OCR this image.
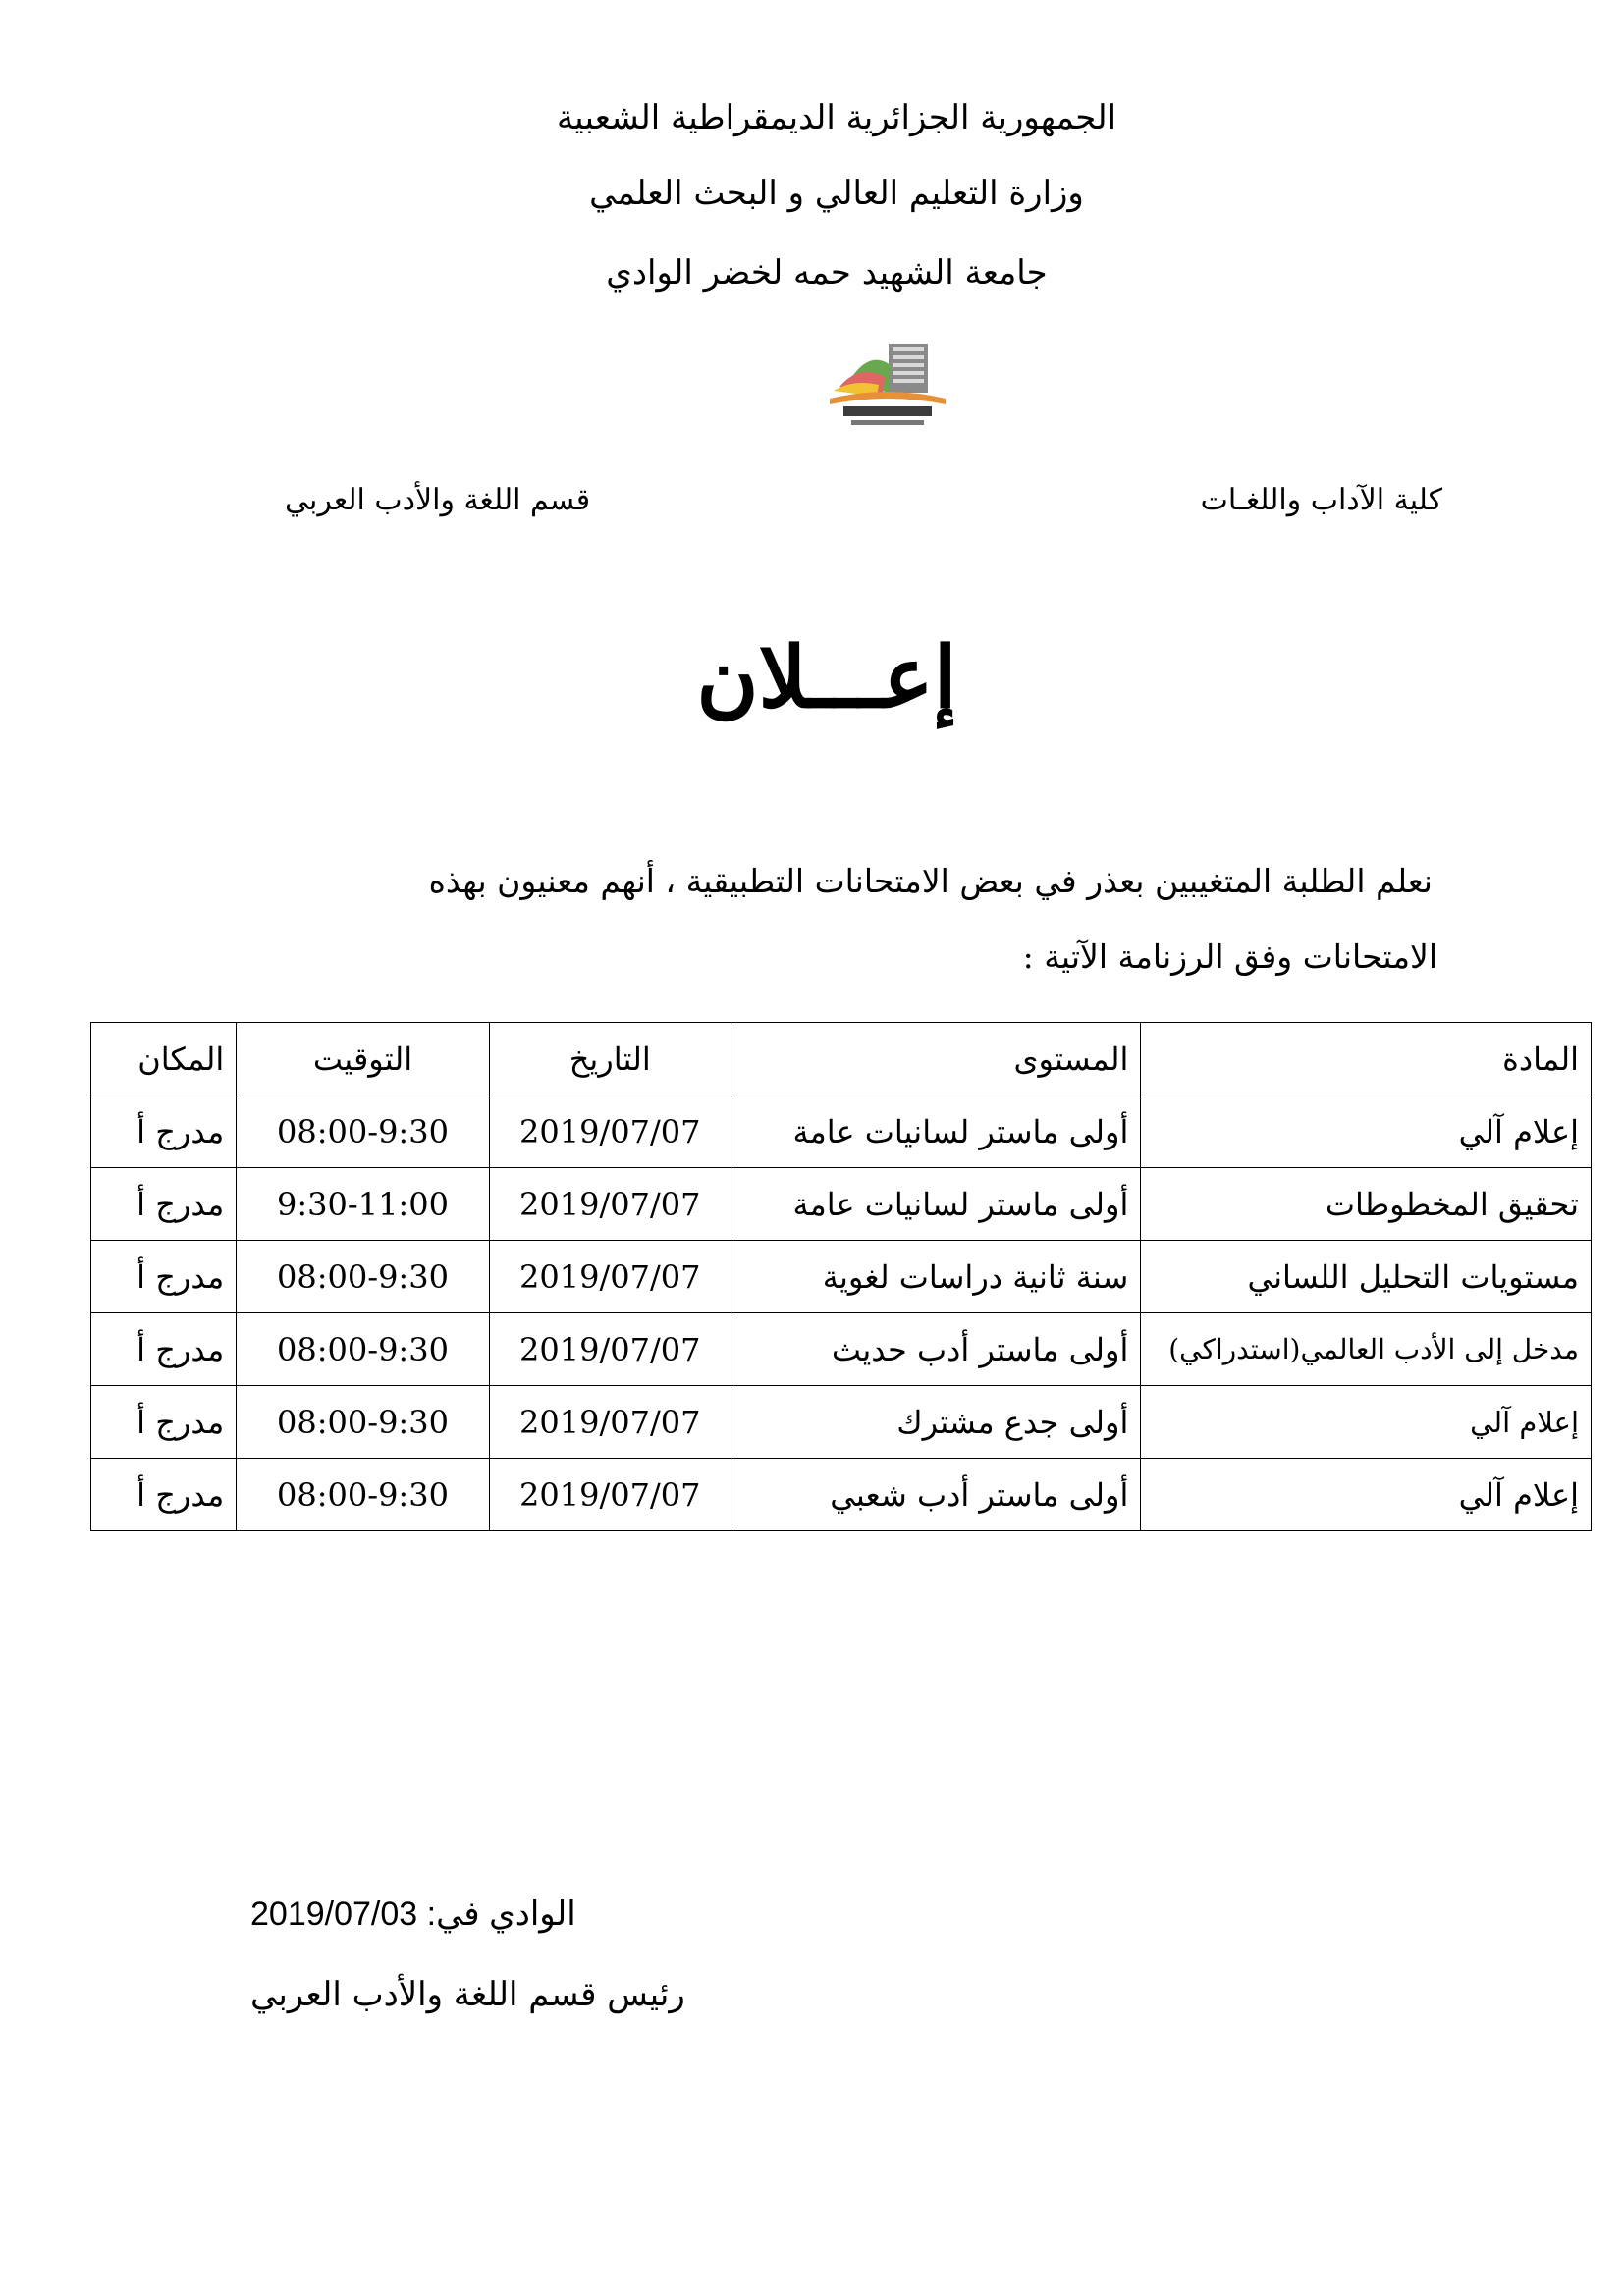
الجمهورية الجزائرية الديمقراطية الشعبية
وزارة التعليم العالي و البحث العلمي
جامعة الشهيد حمه لخضر الوادي
كلية الآداب واللغـات
قسم اللغة والأدب العربي
إعـــلان
نعلم الطلبة المتغيبين بعذر في بعض الامتحانات التطبيقية ، أنهم معنيون بهذه
الامتحانات وفق الرزنامة الآتية :
المادة	المستوى	التاريخ	التوقيت	المكان
إعلام آلي	أولى ماستر لسانيات عامة	2019/07/07	08:00-9:30	مدرج أ
تحقيق المخطوطات	أولى ماستر لسانيات عامة	2019/07/07	9:30-11:00	مدرج أ
مستويات التحليل اللساني	سنة ثانية دراسات لغوية	2019/07/07	08:00-9:30	مدرج أ
مدخل إلى الأدب العالمي(استدراكي)	أولى ماستر أدب حديث	2019/07/07	08:00-9:30	مدرج أ
إعلام آلي	أولى جدع مشترك	2019/07/07	08:00-9:30	مدرج أ
إعلام آلي	أولى ماستر أدب شعبي	2019/07/07	08:00-9:30	مدرج أ
الوادي في: 2019/07/03
رئيس قسم اللغة والأدب العربي
